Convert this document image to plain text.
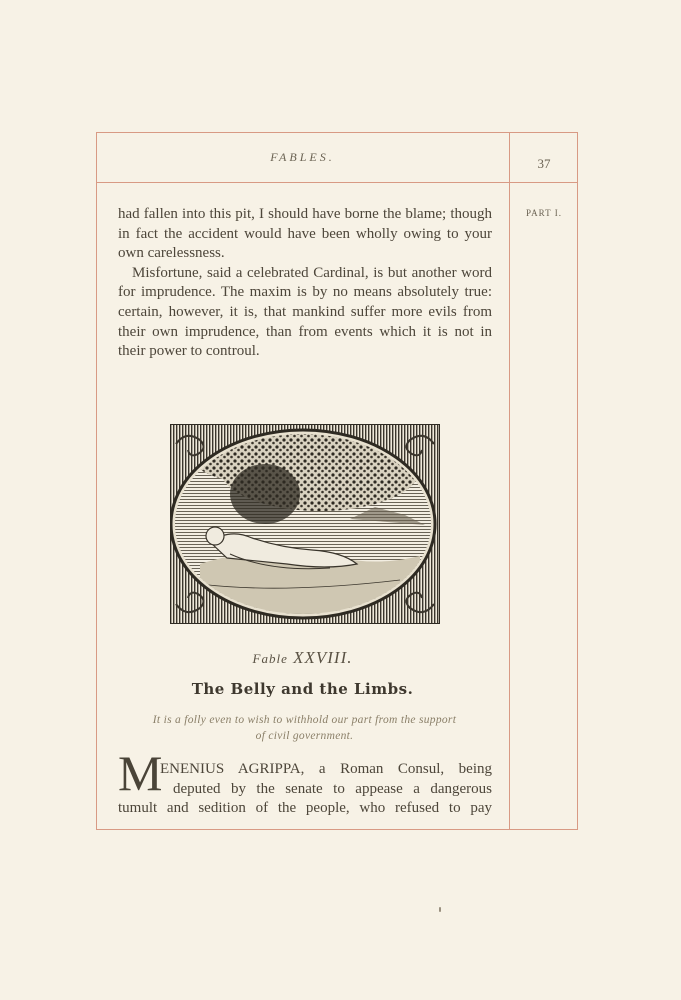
FABLES.	37
PART I.

had fallen into this pit, I should have borne the blame; though in fact the accident would have been wholly owing to your own carelessness.

Misfortune, said a celebrated Cardinal, is but another word for imprudence. The maxim is by no means absolutely true: certain, however, it is, that mankind suffer more evils from their own imprudence, than from events which it is not in their power to controul.

Fable XXVIII.
The Belly and the Limbs.
It is a folly even to wish to withhold our part from the support
of civil government.
M
ENENIUS AGRIPPA, a Roman Consul, being
deputed by the senate to appease a dangerous
tumult and sedition of the people, who refused to pay
